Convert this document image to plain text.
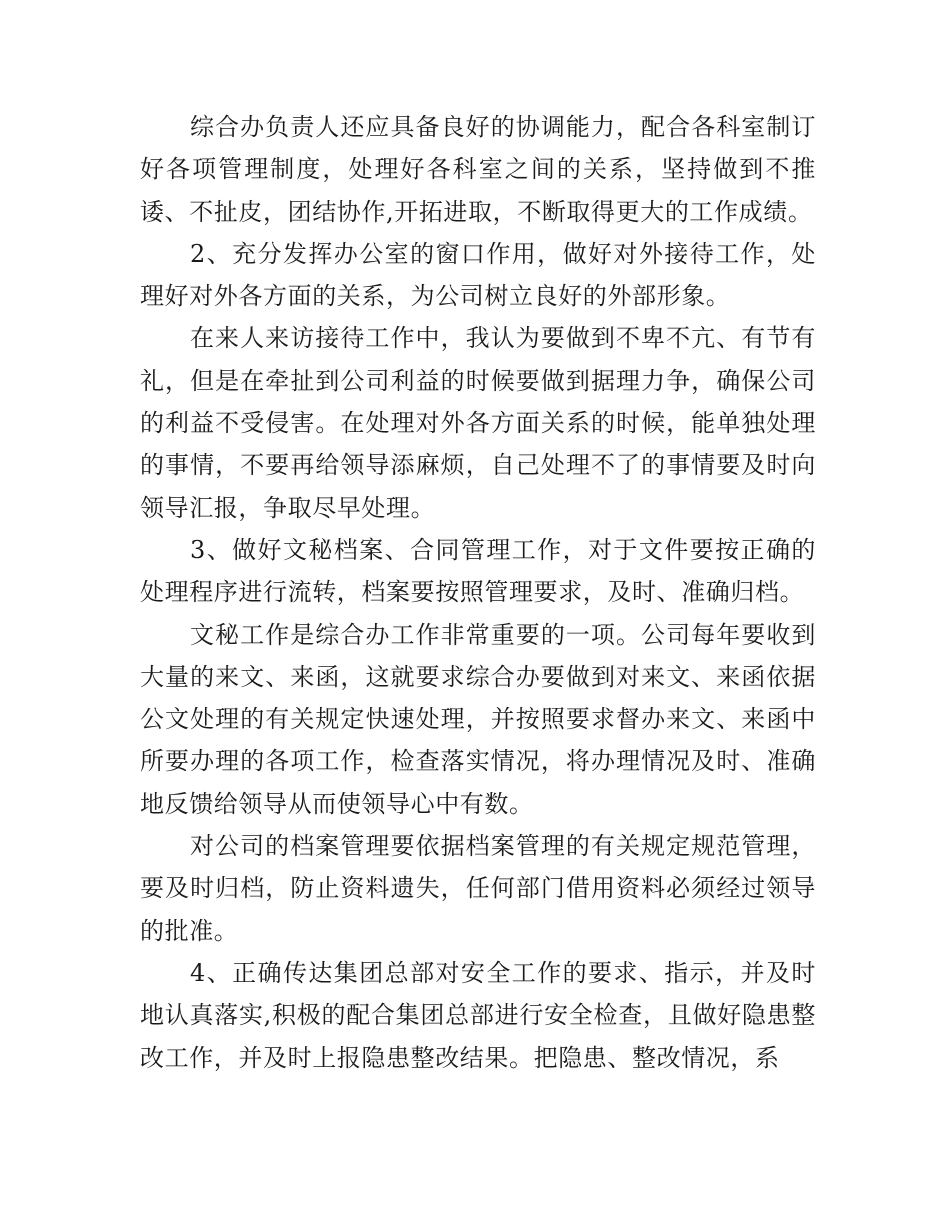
综合办负责人还应具备良好的协调能力，配合各科室制订好各项管理制度，处理好各科室之间的关系，坚持做到不推诿、不扯皮，团结协作,开拓进取，不断取得更大的工作成绩。

2、充分发挥办公室的窗口作用，做好对外接待工作，处理好对外各方面的关系，为公司树立良好的外部形象。

在来人来访接待工作中，我认为要做到不卑不亢、有节有礼，但是在牵扯到公司利益的时候要做到据理力争，确保公司的利益不受侵害。在处理对外各方面关系的时候，能单独处理的事情，不要再给领导添麻烦，自己处理不了的事情要及时向领导汇报，争取尽早处理。

3、做好文秘档案、合同管理工作，对于文件要按正确的处理程序进行流转，档案要按照管理要求，及时、准确归档。

文秘工作是综合办工作非常重要的一项。公司每年要收到大量的来文、来函，这就要求综合办要做到对来文、来函依据公文处理的有关规定快速处理，并按照要求督办来文、来函中所要办理的各项工作，检查落实情况，将办理情况及时、准确地反馈给领导从而使领导心中有数。

对公司的档案管理要依据档案管理的有关规定规范管理，要及时归档，防止资料遗失，任何部门借用资料必须经过领导的批准。

4、正确传达集团总部对安全工作的要求、指示，并及时地认真落实,积极的配合集团总部进行安全检查，且做好隐患整改工作，并及时上报隐患整改结果。把隐患、整改情况，系
